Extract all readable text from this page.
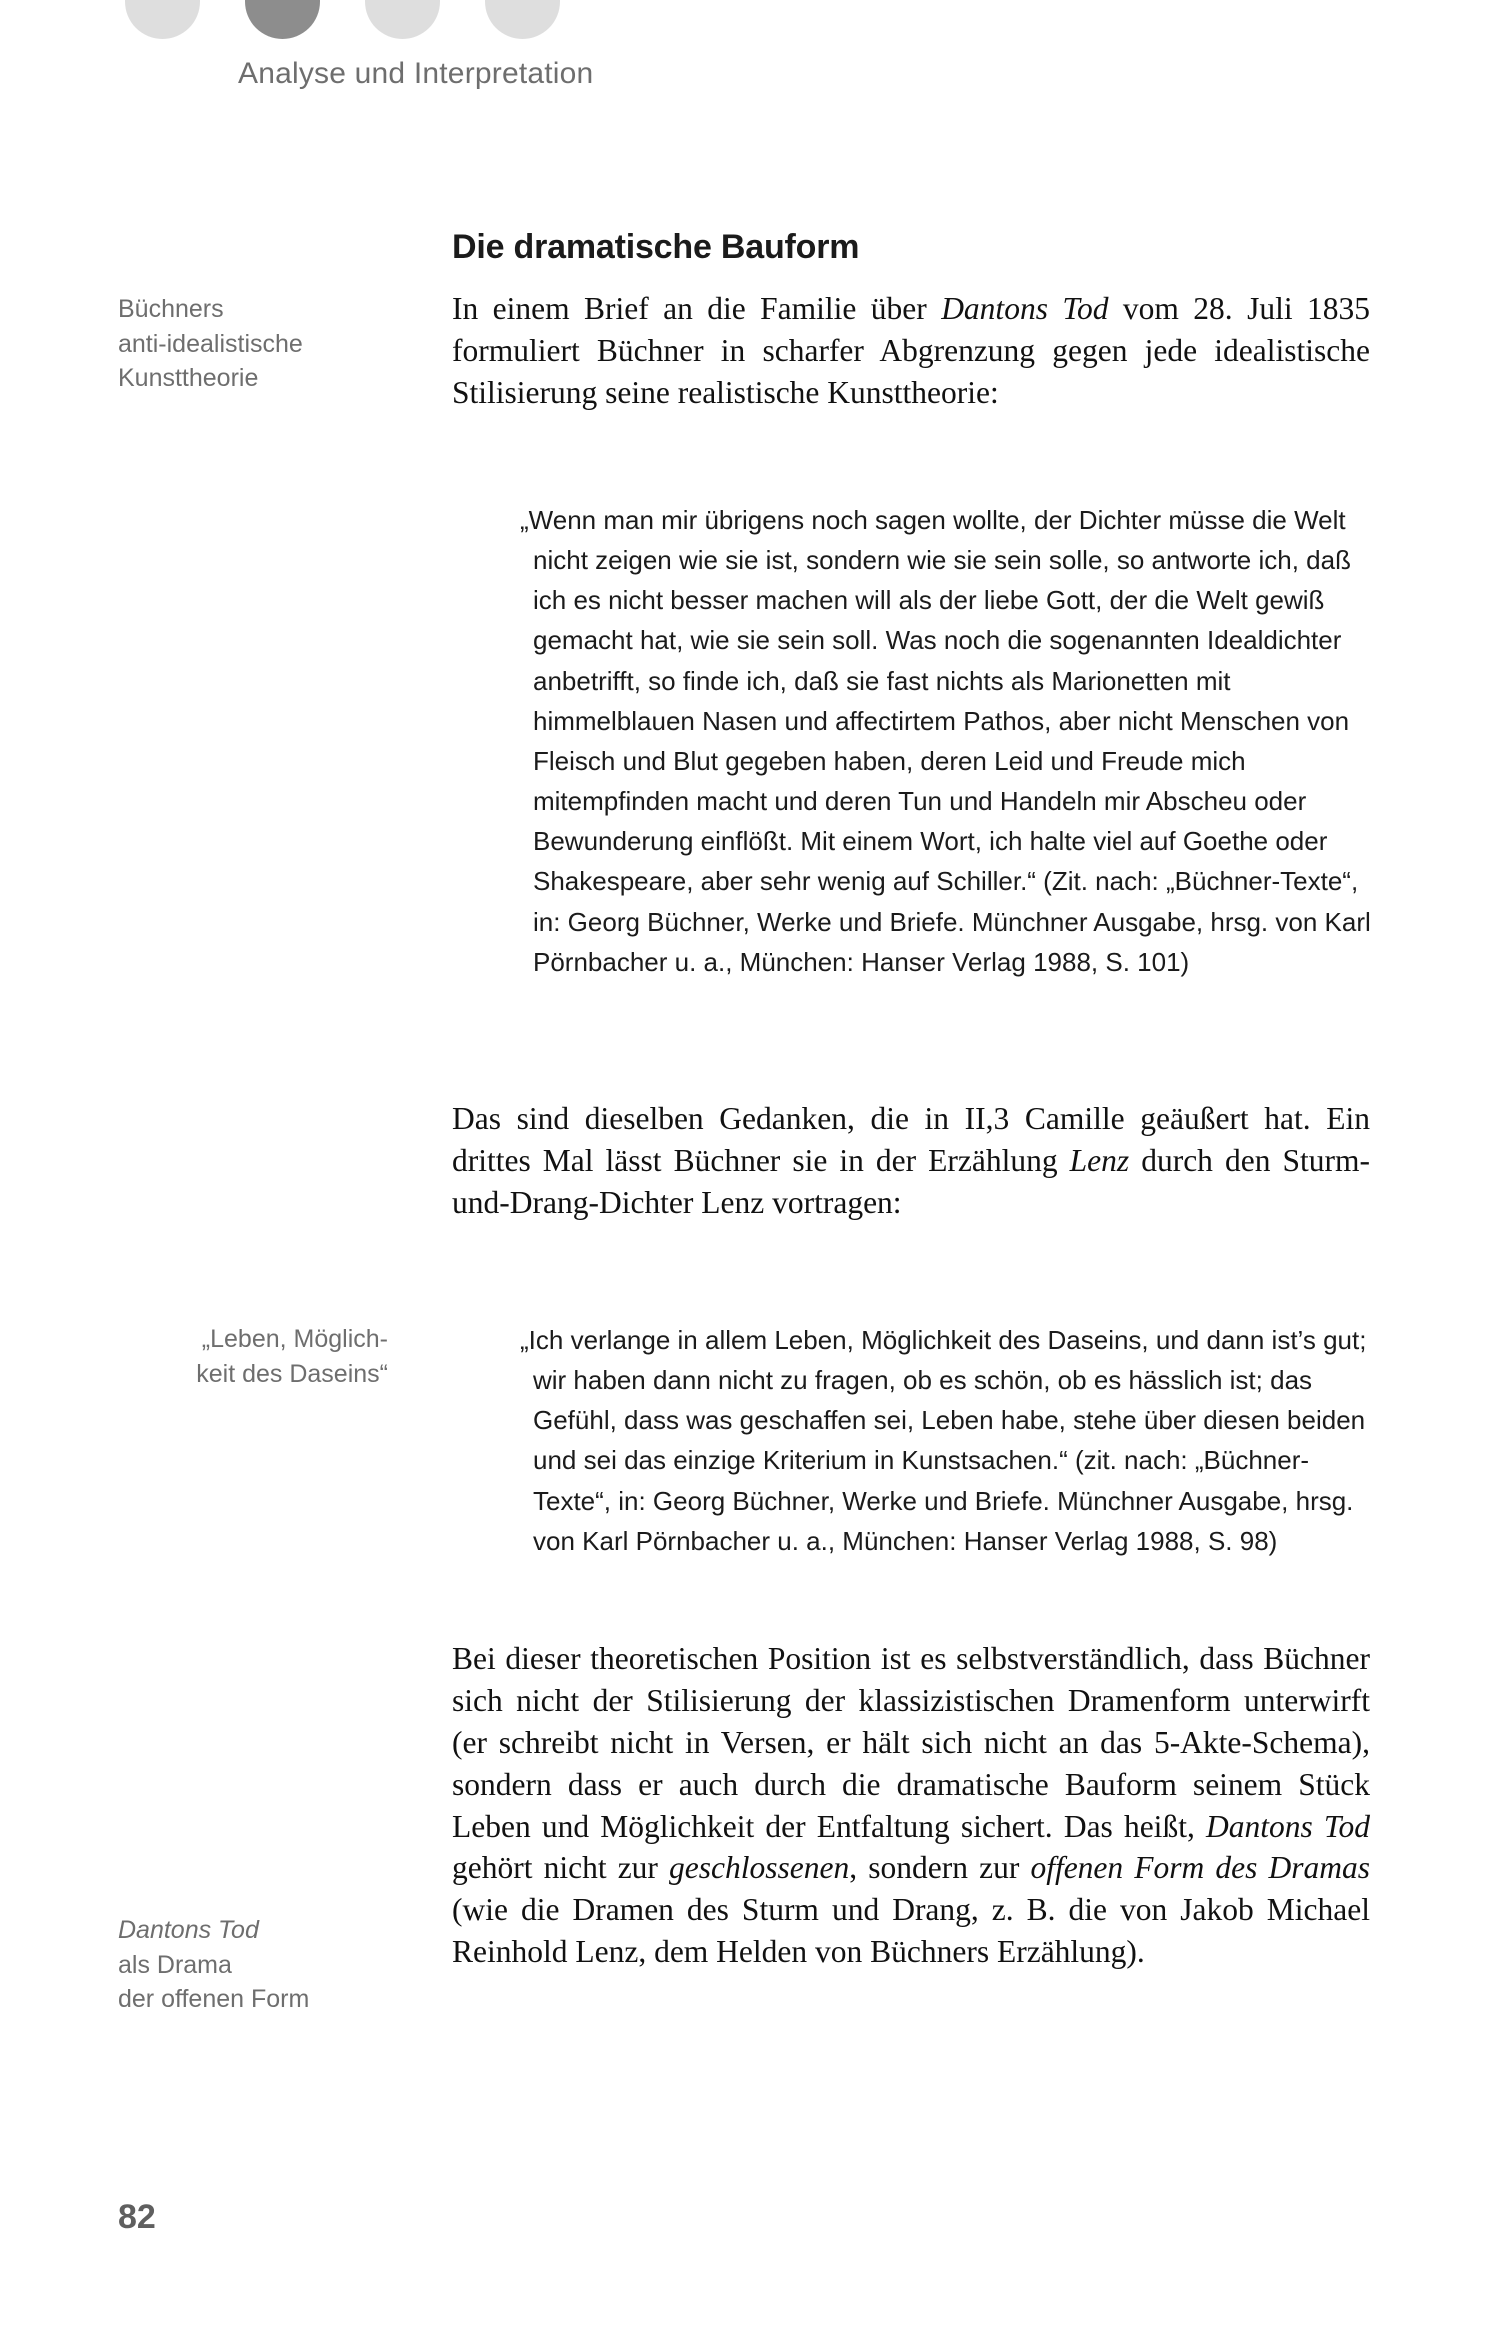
Analyse und Interpretation
Die dramatische Bauform
Büchners
anti-idealistische
Kunsttheorie
„Leben, Möglich-
keit des Daseins“
Dantons Tod
als Drama
der offenen Form

In einem Brief an die Familie über Dantons Tod vom 28. Juli 1835 formuliert Büchner in scharfer Abgrenzung gegen jede idealistische Stilisierung seine realistische Kunsttheorie:

„Wenn man mir übrigens noch sagen wollte, der Dichter müsse die Welt nicht zeigen wie sie ist, sondern wie sie sein solle, so antworte ich, daß ich es nicht besser machen will als der liebe Gott, der die Welt gewiß gemacht hat, wie sie sein soll. Was noch die sogenannten Idealdichter anbetrifft, so finde ich, daß sie fast nichts als Marionetten mit himmelblauen Nasen und affectirtem Pathos, aber nicht Menschen von Fleisch und Blut gegeben haben, deren Leid und Freude mich mitempfinden macht und deren Tun und Handeln mir Abscheu oder Bewunderung einflößt. Mit einem Wort, ich halte viel auf Goethe oder Shakespeare, aber sehr wenig auf Schiller.“ (Zit. nach: „Büchner-Texte“, in: Georg Büchner, Werke und Briefe. Münchner Ausgabe, hrsg. von Karl Pörnbacher u. a., München: Hanser Verlag 1988, S. 101)

Das sind dieselben Gedanken, die in II,3 Camille geäußert hat. Ein drittes Mal lässt Büchner sie in der Erzählung Lenz durch den Sturm-und-Drang-Dichter Lenz vortragen:

„Ich verlange in allem Leben, Möglichkeit des Daseins, und dann ist’s gut; wir haben dann nicht zu fragen, ob es schön, ob es hässlich ist; das Gefühl, dass was geschaffen sei, Leben habe, stehe über diesen beiden und sei das einzige Kriterium in Kunstsachen.“ (zit. nach: „Büchner-Texte“, in: Georg Büchner, Werke und Briefe. Münchner Ausgabe, hrsg. von Karl Pörnbacher u. a., München: Hanser Verlag 1988, S. 98)

Bei dieser theoretischen Position ist es selbstverständlich, dass Büchner sich nicht der Stilisierung der klassizistischen Dramenform unterwirft (er schreibt nicht in Versen, er hält sich nicht an das 5-Akte-Schema), sondern dass er auch durch die dramatische Bauform seinem Stück Leben und Möglichkeit der Entfaltung sichert. Das heißt, Dantons Tod gehört nicht zur geschlossenen, sondern zur offenen Form des Dramas (wie die Dramen des Sturm und Drang, z. B. die von Jakob Michael Reinhold Lenz, dem Helden von Büchners Erzählung).

82
